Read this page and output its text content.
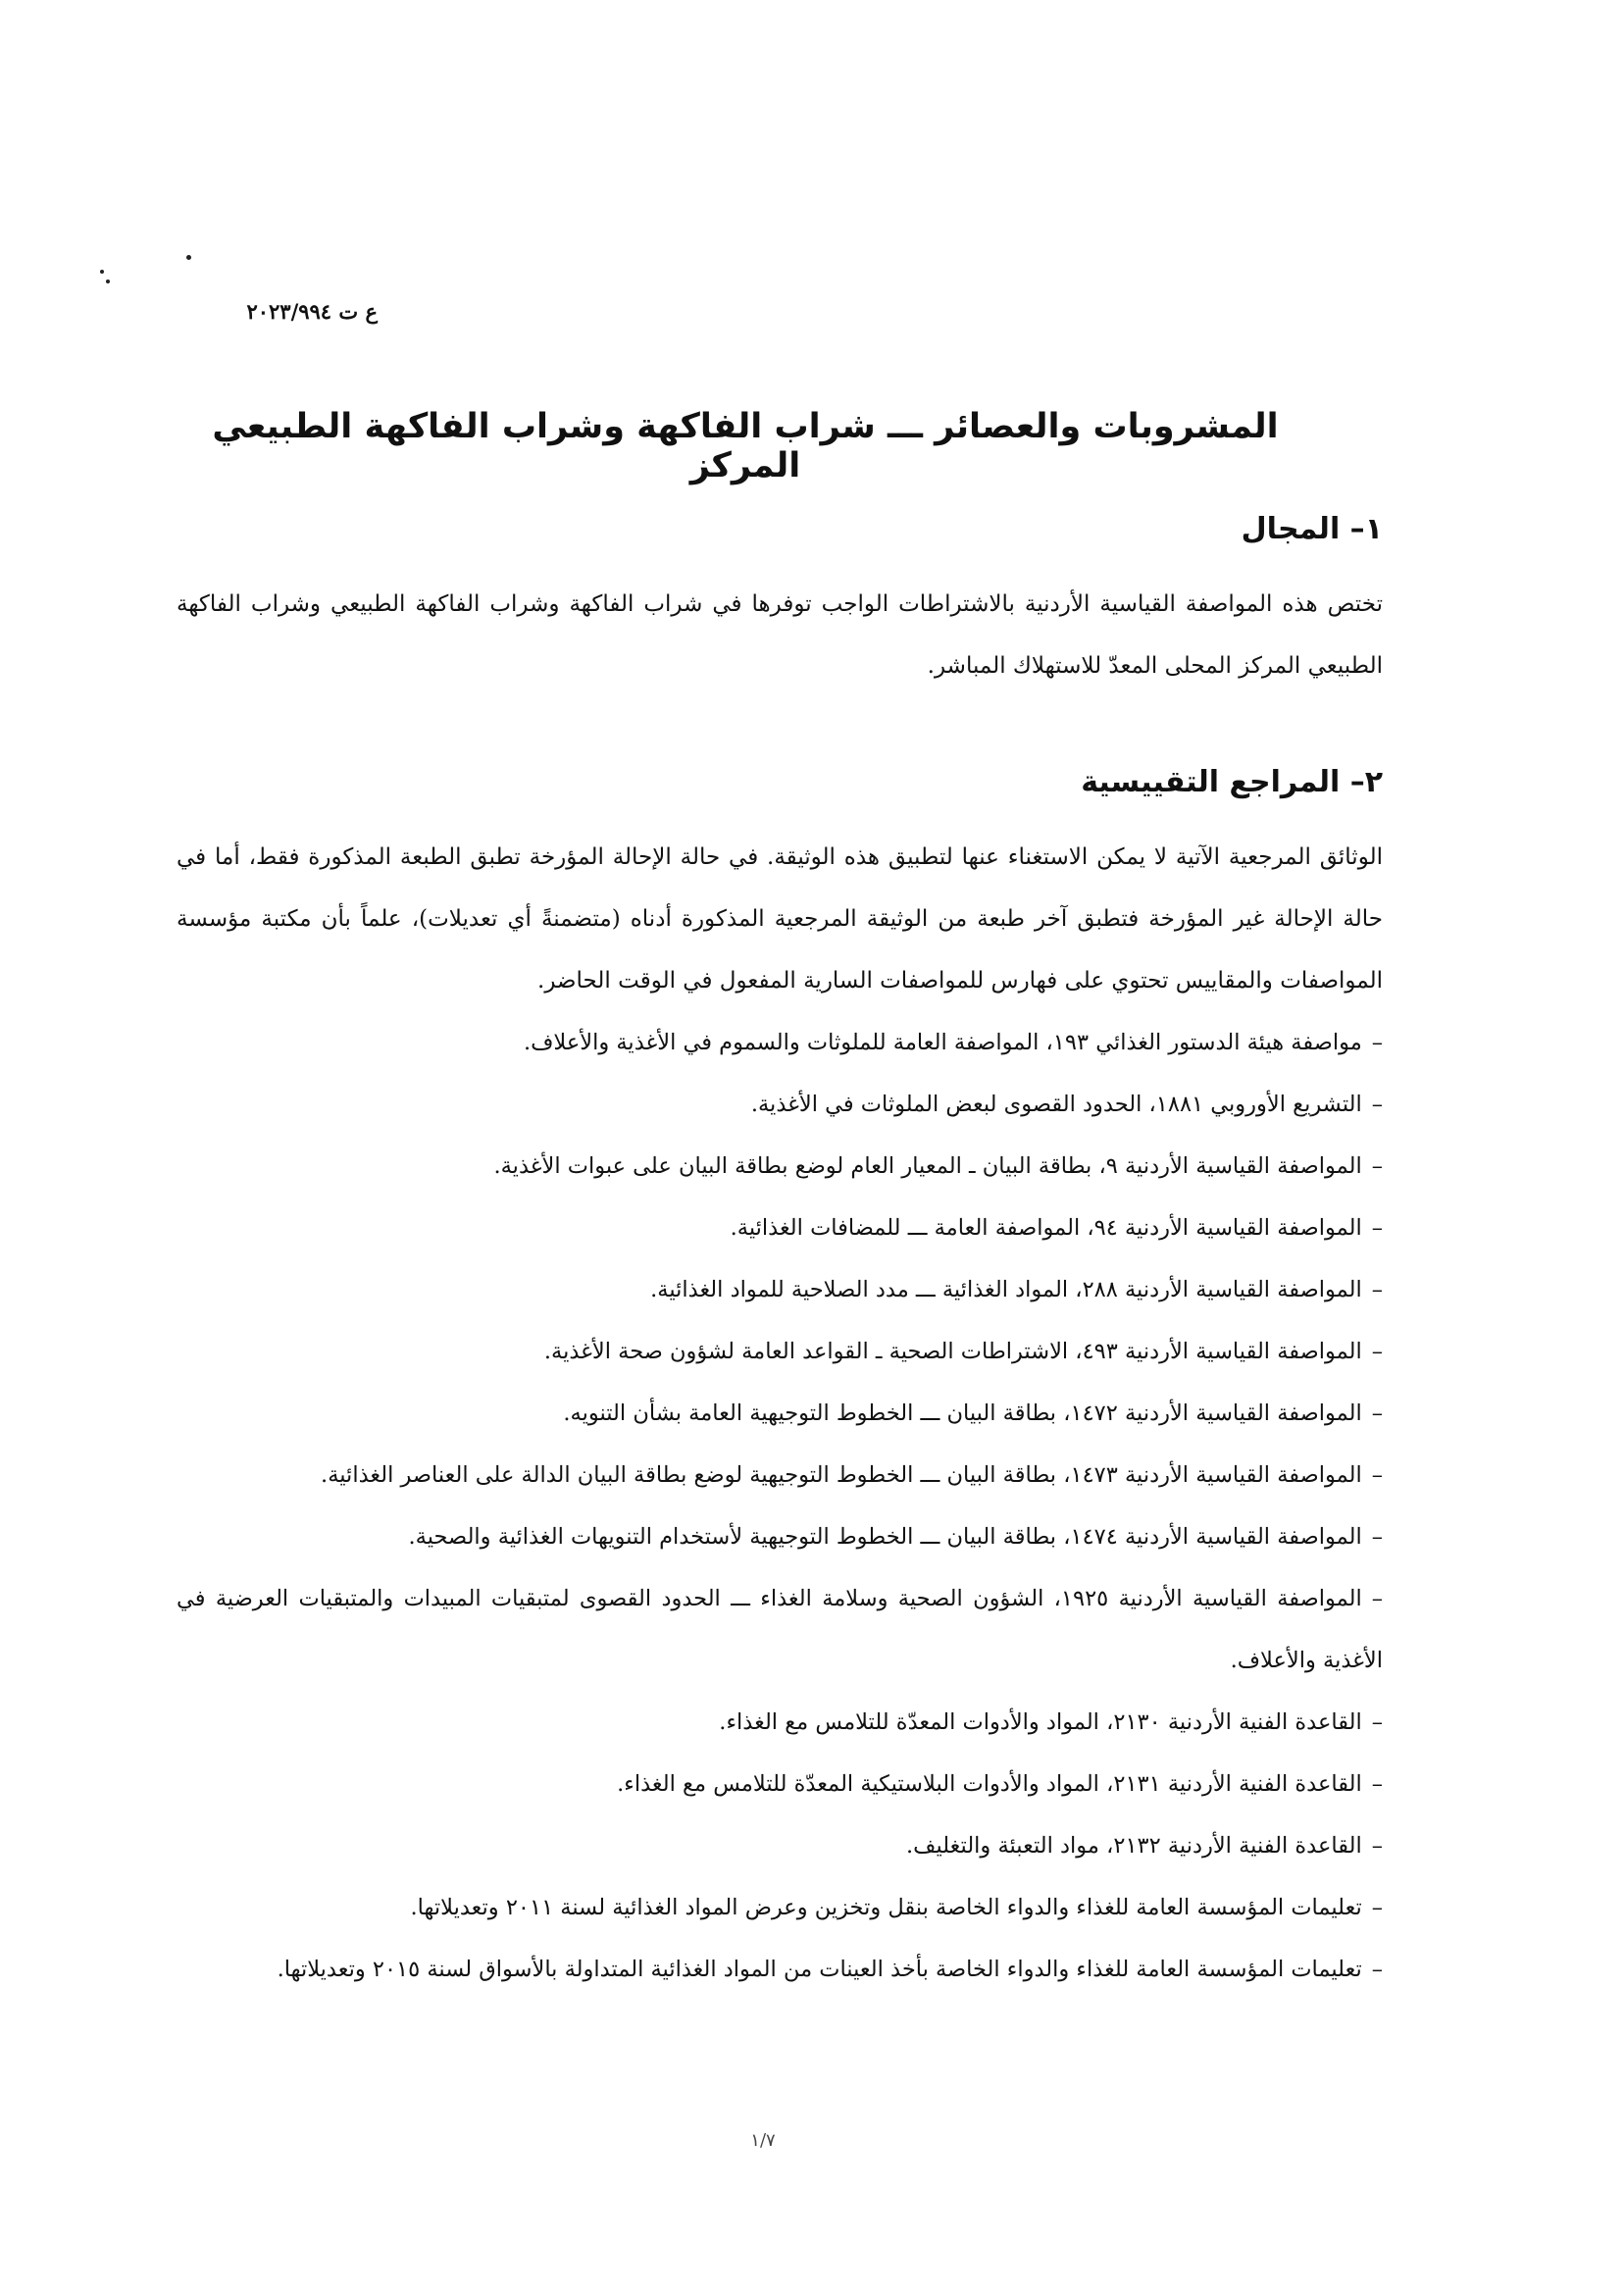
ع ت ٢٠٢٣/٩٩٤
المشروبات والعصائر ـــ شراب الفاكهة وشراب الفاكهة الطبيعي المركز
١– المجال

تختص هذه المواصفة القياسية الأردنية بالاشتراطات الواجب توفرها في شراب الفاكهة وشراب الفاكهة الطبيعي وشراب الفاكهة الطبيعي المركز المحلى المعدّ للاستهلاك المباشر.

٢– المراجع التقييسية

الوثائق المرجعية الآتية لا يمكن الاستغناء عنها لتطبيق هذه الوثيقة. في حالة الإحالة المؤرخة تطبق الطبعة المذكورة فقط، أما في حالة الإحالة غير المؤرخة فتطبق آخر طبعة من الوثيقة المرجعية المذكورة أدناه (متضمنةً أي تعديلات)، علماً بأن مكتبة مؤسسة المواصفات والمقاييس تحتوي على فهارس للمواصفات السارية المفعول في الوقت الحاضر.

–مواصفة هيئة الدستور الغذائي ١٩٣، المواصفة العامة للملوثات والسموم في الأغذية والأعلاف.
–التشريع الأوروبي ١٨٨١، الحدود القصوى لبعض الملوثات في الأغذية.
–المواصفة القياسية الأردنية ٩، بطاقة البيان ـ المعيار العام لوضع بطاقة البيان على عبوات الأغذية.
–المواصفة القياسية الأردنية ٩٤، المواصفة العامة ـــ للمضافات الغذائية.
–المواصفة القياسية الأردنية ٢٨٨، المواد الغذائية ـــ مدد الصلاحية للمواد الغذائية.
–المواصفة القياسية الأردنية ٤٩٣، الاشتراطات الصحية ـ القواعد العامة لشؤون صحة الأغذية.
–المواصفة القياسية الأردنية ١٤٧٢، بطاقة البيان ـــ الخطوط التوجيهية العامة بشأن التنويه.
–المواصفة القياسية الأردنية ١٤٧٣، بطاقة البيان ـــ الخطوط التوجيهية لوضع بطاقة البيان الدالة على العناصر الغذائية.
–المواصفة القياسية الأردنية ١٤٧٤، بطاقة البيان ـــ الخطوط التوجيهية لأستخدام التنويهات الغذائية والصحية.
–المواصفة القياسية الأردنية ١٩٢٥، الشؤون الصحية وسلامة الغذاء ـــ الحدود القصوى لمتبقيات المبيدات والمتبقيات العرضية في الأغذية والأعلاف.
–القاعدة الفنية الأردنية ٢١٣٠، المواد والأدوات المعدّة للتلامس مع الغذاء.
–القاعدة الفنية الأردنية ٢١٣١، المواد والأدوات البلاستيكية المعدّة للتلامس مع الغذاء.
–القاعدة الفنية الأردنية ٢١٣٢، مواد التعبئة والتغليف.
–تعليمات المؤسسة العامة للغذاء والدواء الخاصة بنقل وتخزين وعرض المواد الغذائية لسنة ٢٠١١ وتعديلاتها.
–تعليمات المؤسسة العامة للغذاء والدواء الخاصة بأخذ العينات من المواد الغذائية المتداولة بالأسواق لسنة ٢٠١٥ وتعديلاتها.
١/٧
